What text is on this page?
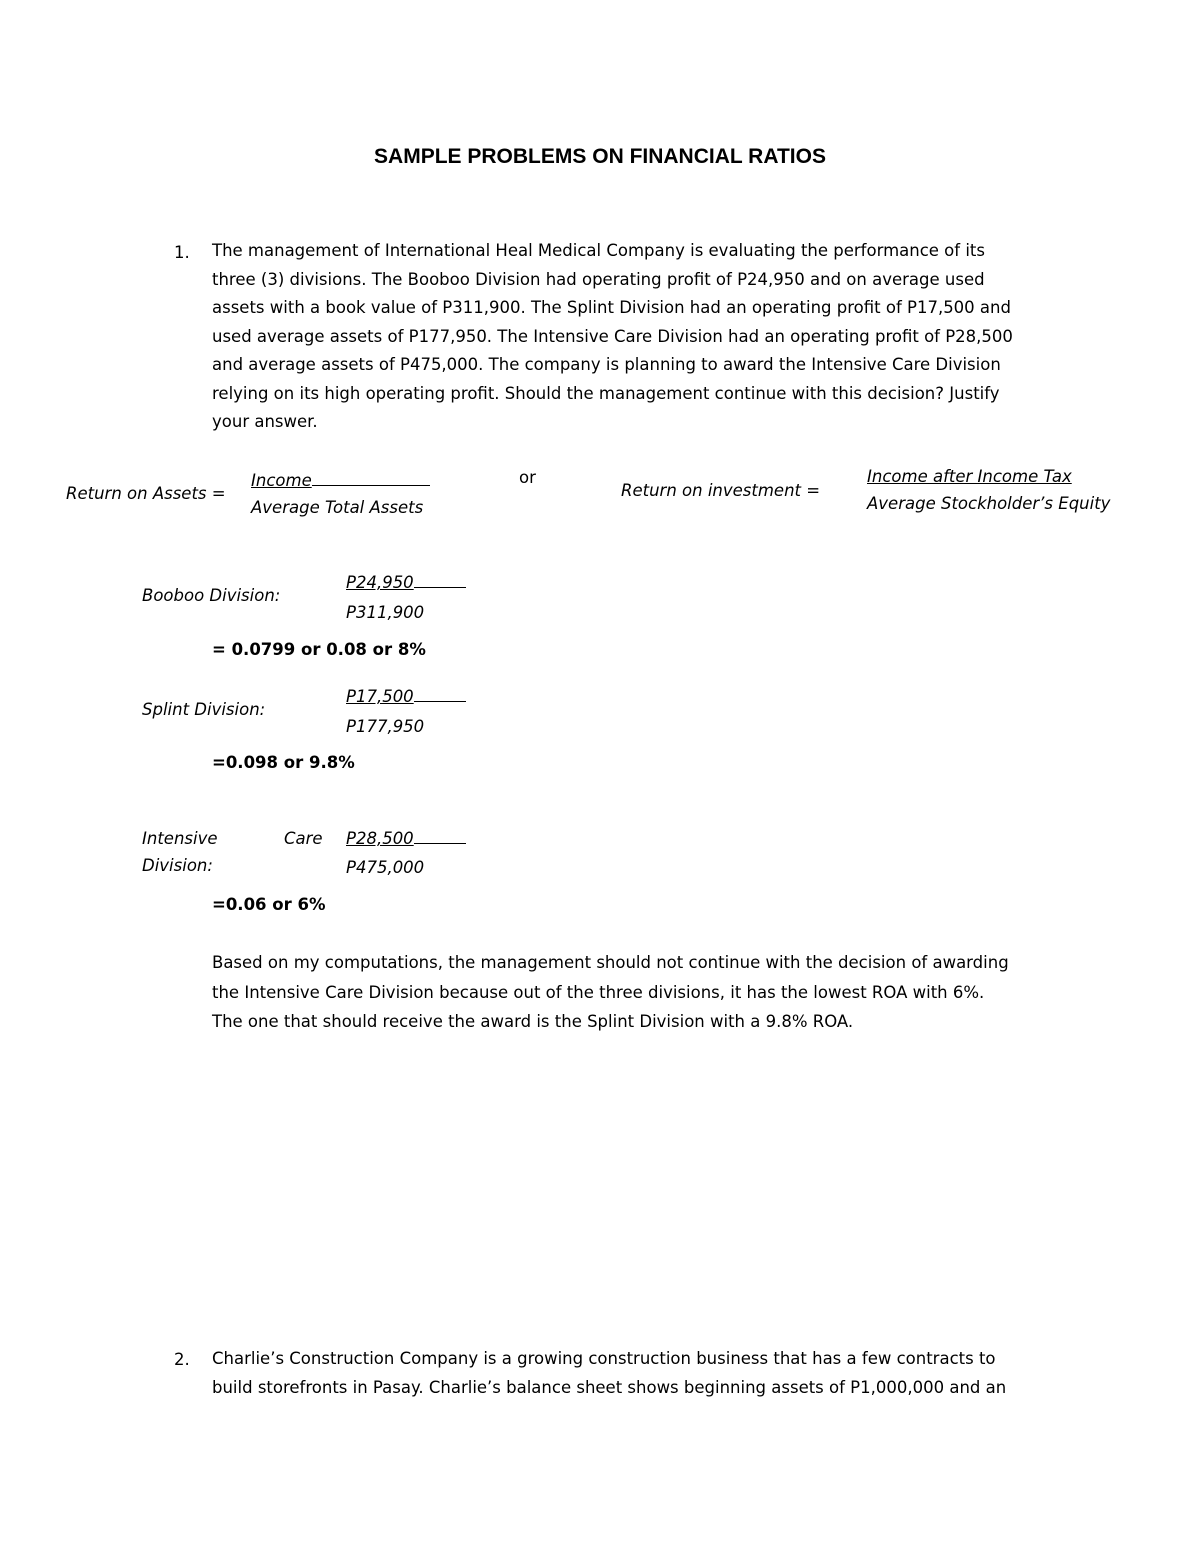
SAMPLE PROBLEMS ON FINANCIAL RATIOS
1. The management of International Heal Medical Company is evaluating the performance of its
three (3) divisions. The Booboo Division had operating profit of P24,950 and on average used
assets with a book value of P311,900. The Splint Division had an operating profit of P17,500 and
used average assets of P177,950. The Intensive Care Division had an operating profit of P28,500
and average assets of P475,000. The company is planning to award the Intensive Care Division
relying on its high operating profit. Should the management continue with this decision? Justify
your answer.
Return on Assets =
Income
Average Total Assets
or
Return on investment =
Income after Income Tax
Average Stockholder’s Equity
Booboo Division:
P24,950
P311,900
= 0.0799 or 0.08 or 8%
Splint Division:
P17,500
P177,950
=0.098 or 9.8%
Intensive	Care
Division:
P28,500
P475,000
=0.06 or 6%
Based on my computations, the management should not continue with the decision of awarding
the Intensive Care Division because out of the three divisions, it has the lowest ROA with 6%.
The one that should receive the award is the Splint Division with a 9.8% ROA.
2. Charlie’s Construction Company is a growing construction business that has a few contracts to
build storefronts in Pasay. Charlie’s balance sheet shows beginning assets of P1,000,000 and an
